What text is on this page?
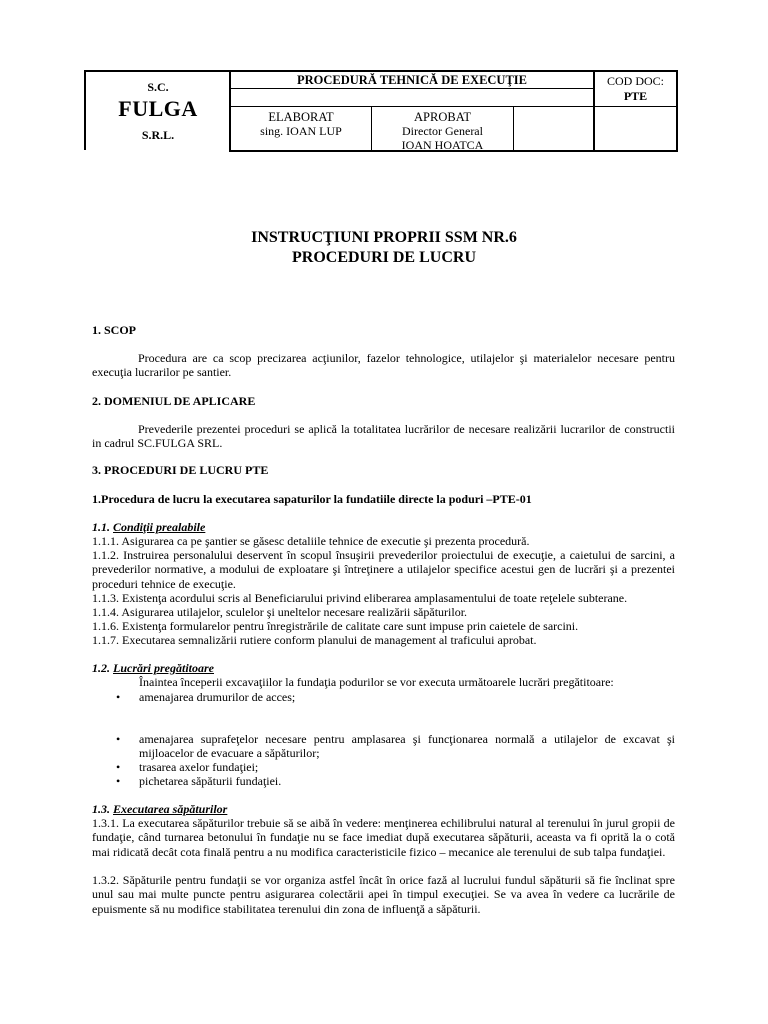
S.C.
FULGA
S.R.L.
PROCEDURĂ TEHNICĂ DE EXECUŢIE	COD DOC:
PTE
ELABORAT
sing. IOAN LUP
APROBAT
Director General
IOAN HOATCA
INSTRUCŢIUNI PROPRII SSM NR.6
PROCEDURI DE LUCRU
1. SCOP
Procedura are ca scop precizarea acţiunilor, fazelor tehnologice, utilajelor şi materialelor necesare pentru execuţia lucrarilor pe santier.
2. DOMENIUL DE APLICARE
Prevederile prezentei proceduri se aplică la totalitatea lucrărilor de necesare realizării lucrarilor de constructii in cadrul SC.FULGA SRL.
3. PROCEDURI DE LUCRU PTE
1.Procedura de lucru la executarea sapaturilor la fundatiile directe la poduri –PTE-01
1.1. Condiţii prealabile
1.1.1. Asigurarea ca pe şantier se găsesc detaliile tehnice de executie şi prezenta procedură.
1.1.2. Instruirea personalului deservent în scopul însuşirii prevederilor proiectului de execuţie, a caietului de sarcini, a prevederilor normative, a modului de exploatare şi întreţinere a utilajelor specifice acestui gen de lucrări şi a prezentei proceduri tehnice de execuţie.
1.1.3. Existenţa acordului scris al Beneficiarului privind eliberarea amplasamentului de toate reţelele subterane.
1.1.4. Asigurarea utilajelor, sculelor şi uneltelor necesare realizării săpăturilor.
1.1.6. Existenţa formularelor pentru înregistrările de calitate care sunt impuse prin caietele de sarcini.
1.1.7. Executarea semnalizării rutiere conform planului de management al traficului aprobat.
1.2. Lucrări pregătitoare
Înaintea începerii excavaţiilor la fundaţia podurilor se vor executa următoarele lucrări pregătitoare:
• amenajarea drumurilor de acces;
• amenajarea suprafeţelor necesare pentru amplasarea şi funcţionarea normală a utilajelor de excavat şi mijloacelor de evacuare a săpăturilor;
• trasarea axelor fundaţiei;
• pichetarea săpăturii fundaţiei.
1.3. Executarea săpăturilor
1.3.1. La executarea săpăturilor trebuie să se aibă în vedere: menţinerea echilibrului natural al terenului în jurul gropii de fundaţie, când turnarea betonului în fundaţie nu se face imediat după executarea săpăturii, aceasta va fi oprită la o cotă mai ridicată decât cota finală pentru a nu modifica caracteristicile fizico – mecanice ale terenului de sub talpa fundaţiei.
1.3.2. Săpăturile pentru fundaţii se vor organiza astfel încât în orice fază al lucrului fundul săpăturii să fie înclinat spre unul sau mai multe puncte pentru asigurarea colectării apei în timpul execuţiei. Se va avea în vedere ca lucrările de epuismente să nu modifice stabilitatea terenului din zona de influenţă a săpăturii.
